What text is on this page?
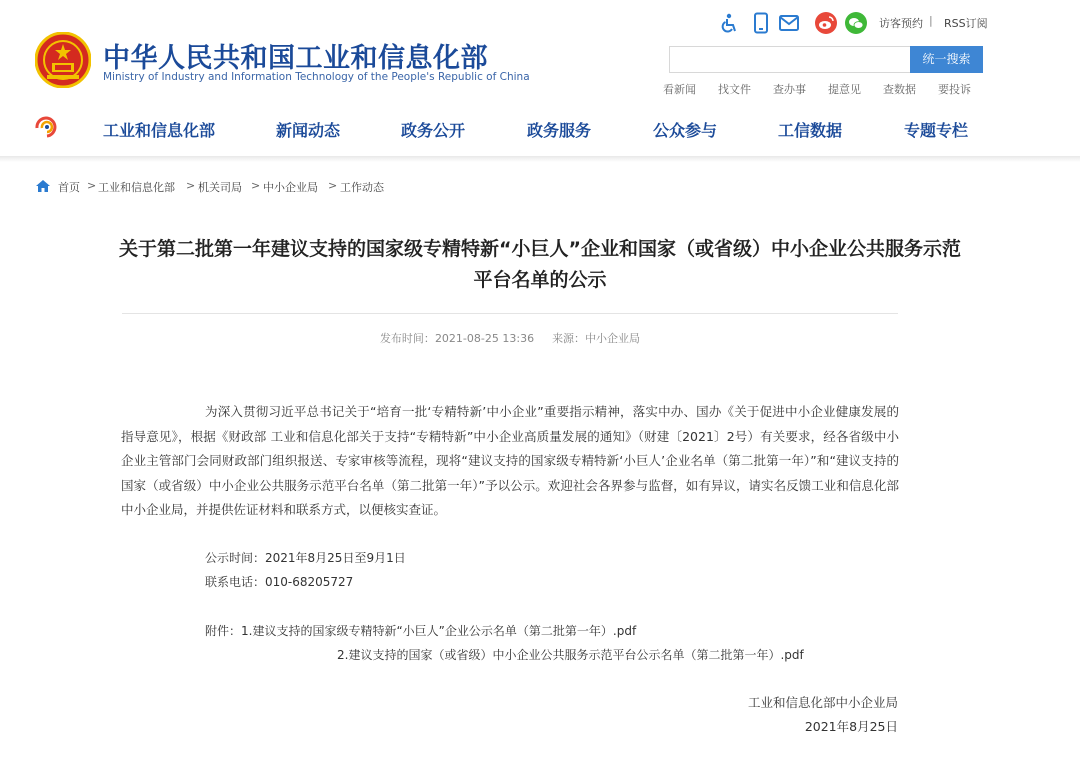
中华人民共和国工业和信息化部
Ministry of Industry and Information Technology of the People's Republic of China
访客预约 | RSS订阅
统一搜索
看新闻 找文件 查办事 提意见 查数据 要投诉
工业和信息化部	新闻动态	政务公开	政务服务	公众参与	工信数据	专题专栏
首页 > 工业和信息化部 > 机关司局 > 中小企业局 > 工作动态
关于第二批第一年建议支持的国家级专精特新“小巨人”企业和国家（或省级）中小企业公共服务示范平台名单的公示
发布时间：2021-08-25 13:36 来源：中小企业局
为深入贯彻习近平总书记关于“培育一批‘专精特新’中小企业”重要指示精神，落实中办、国办《关于促进中小企业健康发展的指导意见》，根据《财政部 工业和信息化部关于支持“专精特新”中小企业高质量发展的通知》（财建〔2021〕2号）有关要求，经各省级中小企业主管部门会同财政部门组织报送、专家审核等流程，现将“建议支持的国家级专精特新‘小巨人’企业名单（第二批第一年）”和“建议支持的国家（或省级）中小企业公共服务示范平台名单（第二批第一年）”予以公示。欢迎社会各界参与监督，如有异议，请实名反馈工业和信息化部中小企业局，并提供佐证材料和联系方式，以便核实查证。
公示时间：2021年8月25日至9月1日
联系电话：010-68205727
附件：1.建议支持的国家级专精特新“小巨人”企业公示名单（第二批第一年）.pdf
2.建议支持的国家（或省级）中小企业公共服务示范平台公示名单（第二批第一年）.pdf
工业和信息化部中小企业局
2021年8月25日
